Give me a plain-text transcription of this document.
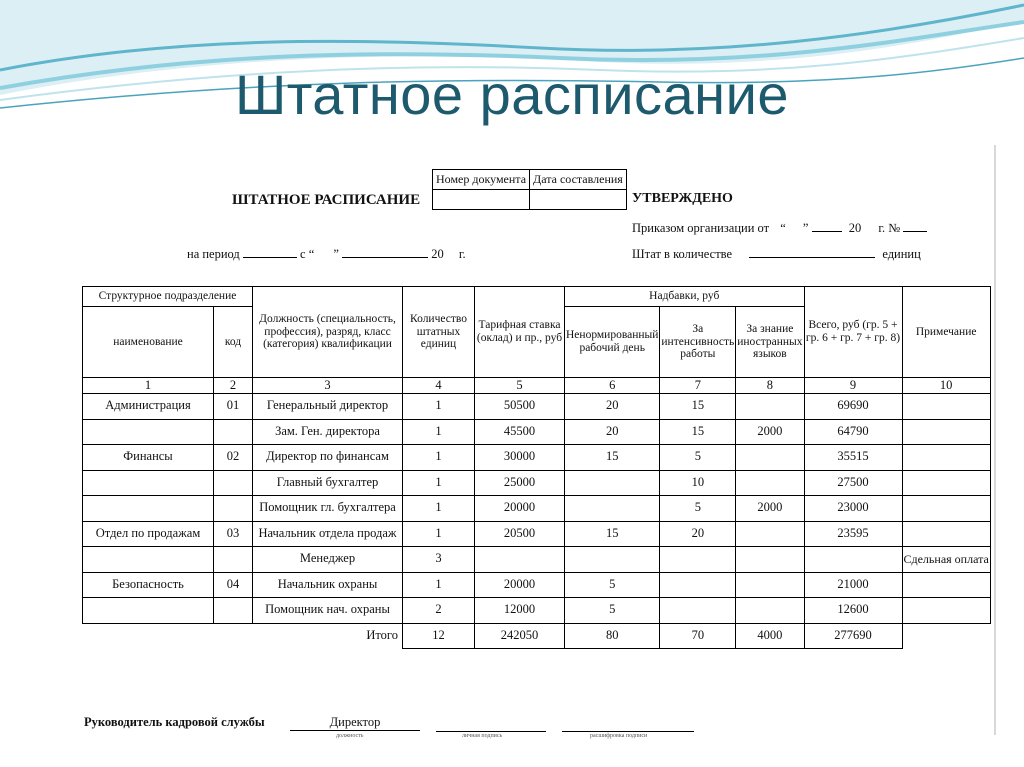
Штатное расписание
ШТАТНОЕ РАСПИСАНИЕ
Номер документа	Дата составления

УТВЕРЖДЕНО
Приказом организации от “ ”	20 г. №
Штат в количестве	единиц
на период	с “ ”	20 г.
Структурное подразделение		Должность (специальность, профессия), разряд, класс (категория) квалификации	Количество штатных единиц	Тарифная ставка (оклад) и пр., руб	Надбавки, руб			Всего, руб (гр. 5 + гр. 6 + гр. 7 + гр. 8)	Примечание
наименование	код				Ненормированный рабочий день	За интенсивность работы	За знание иностранных языков		
1	2	3	4	5	6	7	8	9	10
Администрация	01	Генеральный директор	1	50500	20	15		69690	
		Зам. Ген. директора	1	45500	20	15	2000	64790	
Финансы	02	Директор по финансам	1	30000	15	5		35515	
		Главный бухгалтер	1	25000		10		27500	
		Помощник гл. бухгалтера	1	20000		5	2000	23000	
Отдел по продажам	03	Начальник отдела продаж	1	20500	15	20		23595	
		Менеджер	3						Сдельная оплата
Безопасность	04	Начальник охраны	1	20000	5			21000	
		Помощник нач. охраны	2	12000	5			12600	
		Итого	12	242050	80	70	4000	277690	
Руководитель кадровой службы	Директор
должность	личная подпись	расшифровка подписи
